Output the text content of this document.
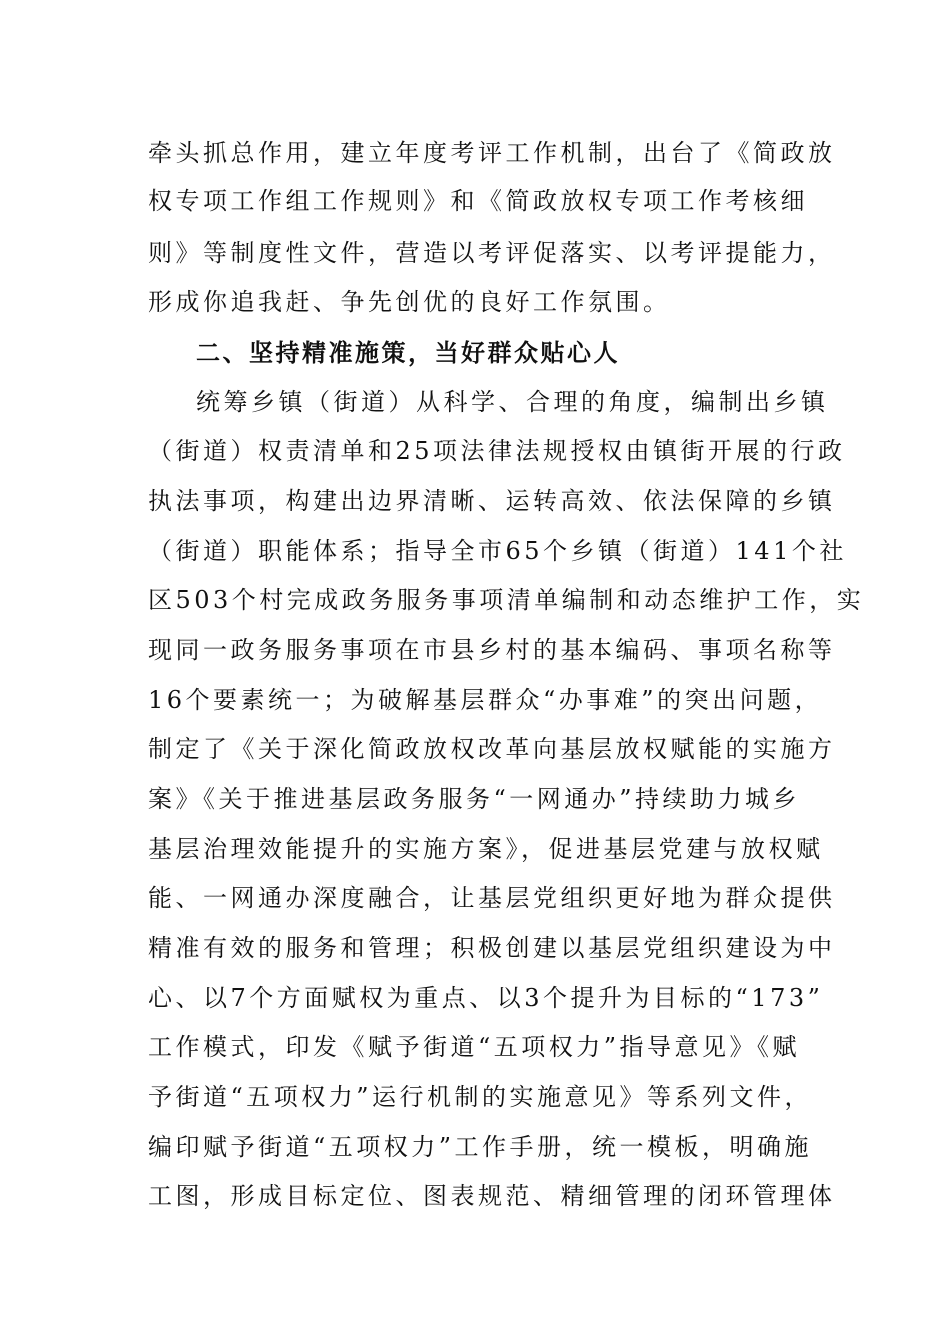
牵头抓总作用，建立年度考评工作机制，出台了《简政放
权专项工作组工作规则》和《简政放权专项工作考核细
则》等制度性文件，营造以考评促落实、以考评提能力，
形成你追我赶、争先创优的良好工作氛围。
二、坚持精准施策，当好群众贴心人
统筹乡镇（街道）从科学、合理的角度，编制出乡镇
（街道）权责清单和25项法律法规授权由镇街开展的行政
执法事项，构建出边界清晰、运转高效、依法保障的乡镇
（街道）职能体系；指导全市65个乡镇（街道）141个社
区503个村完成政务服务事项清单编制和动态维护工作，实
现同一政务服务事项在市县乡村的基本编码、事项名称等
16个要素统一；为破解基层群众“办事难”的突出问题，
制定了《关于深化简政放权改革向基层放权赋能的实施方
案》《关于推进基层政务服务“一网通办”持续助力城乡
基层治理效能提升的实施方案》，促进基层党建与放权赋
能、一网通办深度融合，让基层党组织更好地为群众提供
精准有效的服务和管理；积极创建以基层党组织建设为中
心、以7个方面赋权为重点、以3个提升为目标的“173”
工作模式，印发《赋予街道“五项权力”指导意见》《赋
予街道“五项权力”运行机制的实施意见》等系列文件，
编印赋予街道“五项权力”工作手册，统一模板，明确施
工图，形成目标定位、图表规范、精细管理的闭环管理体
